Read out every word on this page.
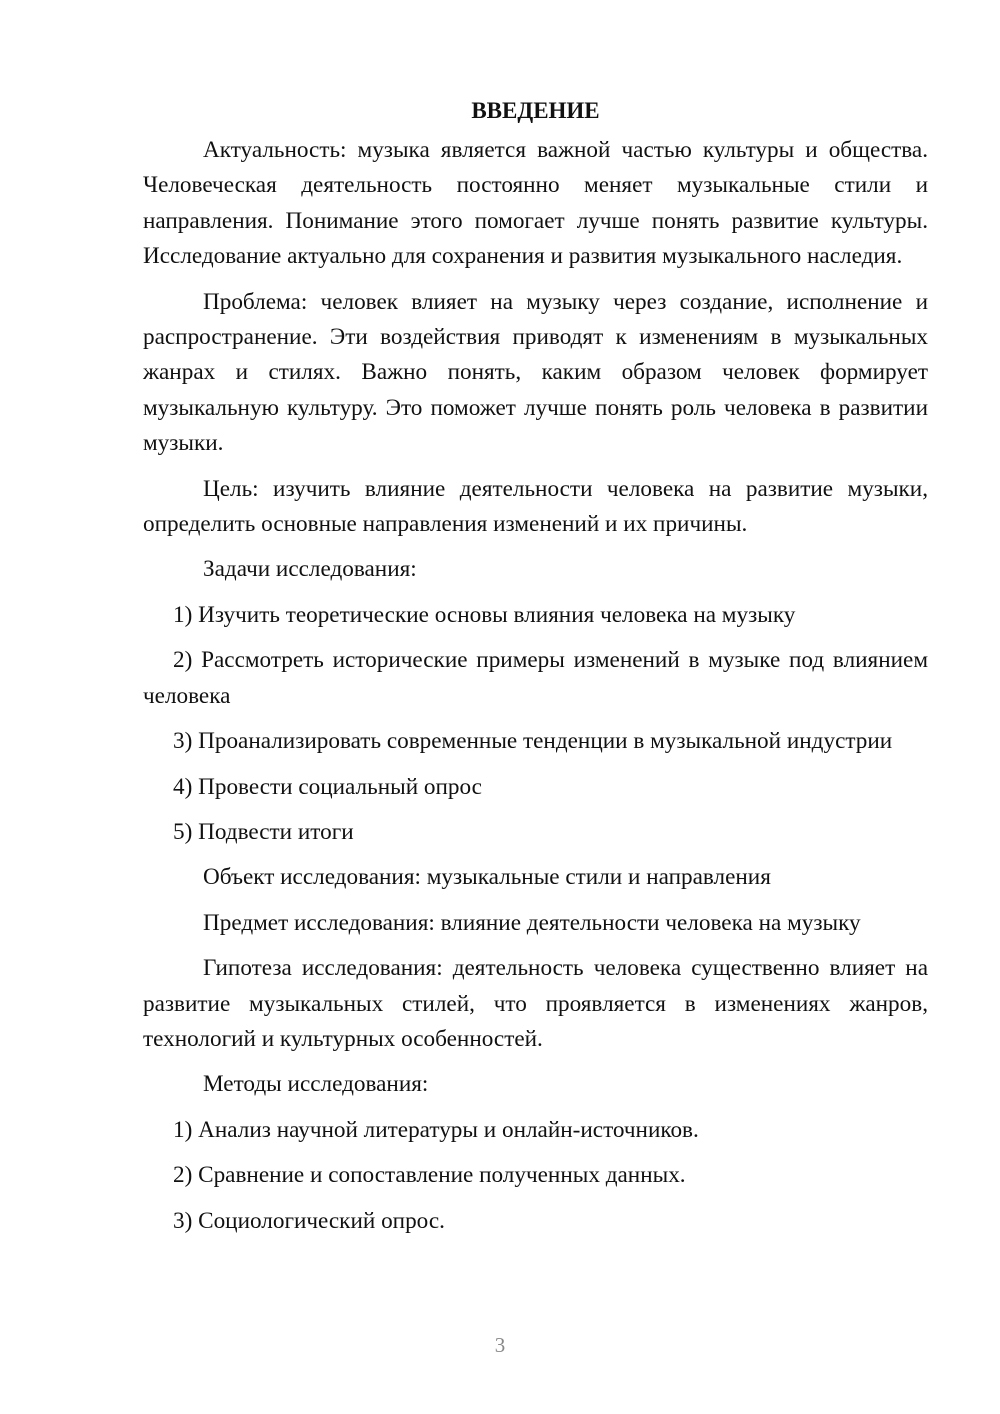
ВВЕДЕНИЕ

Актуальность: музыка является важной частью культуры и общества. Человеческая деятельность постоянно меняет музыкальные стили и направления. Понимание этого помогает лучше понять развитие культуры. Исследование актуально для сохранения и развития музыкального наследия.

Проблема: человек влияет на музыку через создание, исполнение и распространение. Эти воздействия приводят к изменениям в музыкальных жанрах и стилях. Важно понять, каким образом человек формирует музыкальную культуру. Это поможет лучше понять роль человека в развитии музыки.

Цель: изучить влияние деятельности человека на развитие музыки, определить основные направления изменений и их причины.

Задачи исследования:

1) Изучить теоретические основы влияния человека на музыку

2) Рассмотреть исторические примеры изменений в музыке под влиянием человека

3) Проанализировать современные тенденции в музыкальной индустрии

4) Провести социальный опрос

5) Подвести итоги

Объект исследования: музыкальные стили и направления

Предмет исследования: влияние деятельности человека на музыку

Гипотеза исследования: деятельность человека существенно влияет на развитие музыкальных стилей, что проявляется в изменениях жанров, технологий и культурных особенностей.

Методы исследования:

1) Анализ научной литературы и онлайн-источников.

2) Сравнение и сопоставление полученных данных.

3) Социологический опрос.

3
